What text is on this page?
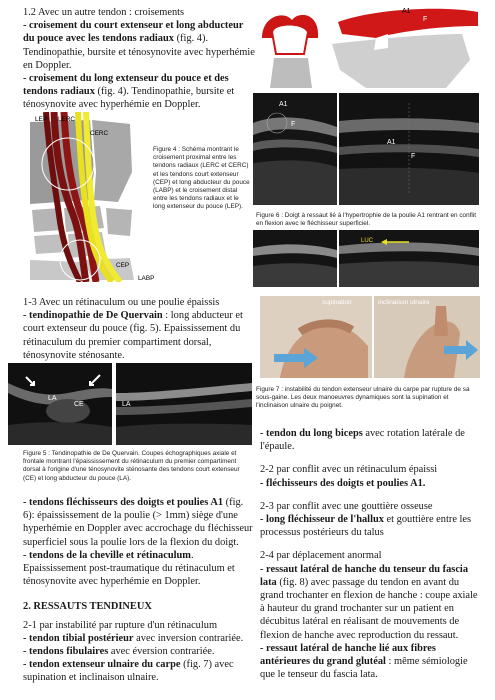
1.2 Avec un autre tendon : croisements

- croisement du court extenseur et long abducteur du pouce avec les tendons radiaux (fig. 4). Tendinopathie, bursite et ténosynovite avec hyperhémie en Doppler.

- croisement du long extenseur du pouce et des tendons radiaux (fig. 4). Tendinopathie, bursite et ténosynovite avec hyperhémie en Doppler.

LEP LERC
CERC
CEP
LABP
Figure 4 : Schéma montrant le croisement proximal entre les tendons radiaux (LERC et CERC) et les tendons court extenseur (CEP) et long abducteur du pouce (LABP) et le croisement distal entre les tendons radiaux et le long extenseur du pouce (LEP).
F
A1
F
A1
F
A1
F
Figure 6 : Doigt à ressaut lié à l'hypertrophie de la poulie A1 rentrant en conflit en flexion avec le fléchisseur superficiel.
LUC

1-3 Avec un rétinaculum ou une poulie épaissis

- tendinopathie de De Quervain : long abducteur et court extenseur du pouce (fig. 5). Epaississement du rétinaculum du premier compartiment dorsal, ténosynovite sténosante.

supination	inclinaison ulnaire
Figure 7 : instabilité du tendon extenseur ulnaire du carpe par rupture de sa sous-gaine. Les deux manoeuvres dynamiques sont la supination et l'inclinaison ulnaire du poignet.
LA
CE	LA
Figure 5 : Tendinopathie de De Quervain. Coupes échographiques axiale et frontale montrant l'épaississement du rétinaculum du premier compartiment dorsal à l'origine d'une ténosynovite sténosante des tendons court extenseur (CE) et long abducteur du pouce (LA).

- tendons fléchisseurs des doigts et poulies A1 (fig. 6): épaississement de la poulie (> 1mm) siège d'une hyperhémie en Doppler avec accrochage du fléchisseur superficiel sous la poulie lors de la flexion du doigt.

- tendons de la cheville et rétinaculum. Epaississement post-traumatique du rétinaculum et ténosynovite avec hyperhémie en Doppler.

2. RESSAUTS TENDINEUX

2-1 par instabilité par rupture d'un rétinaculum

- tendon tibial postérieur avec inversion contrariée.

- tendons fibulaires avec éversion contrariée.

- tendon extenseur ulnaire du carpe (fig. 7) avec supination et inclinaison ulnaire.

- tendon du long biceps avec rotation latérale de l'épaule.

2-2 par conflit avec un rétinaculum épaissi

- fléchisseurs des doigts et poulies A1.

2-3 par conflit avec une gouttière osseuse

- long fléchisseur de l'hallux et gouttière entre les processus postérieurs du talus

2-4 par déplacement anormal

- ressaut latéral de hanche du tenseur du fascia lata (fig. 8) avec passage du tendon en avant du grand trochanter en flexion de hanche : coupe axiale à hauteur du grand trochanter sur un patient en décubitus latéral en réalisant de mouvements de flexion de hanche avec reproduction du ressaut.

- ressaut latéral de hanche lié aux fibres antérieures du grand glutéal : même sémiologie que le tenseur du fascia lata.
